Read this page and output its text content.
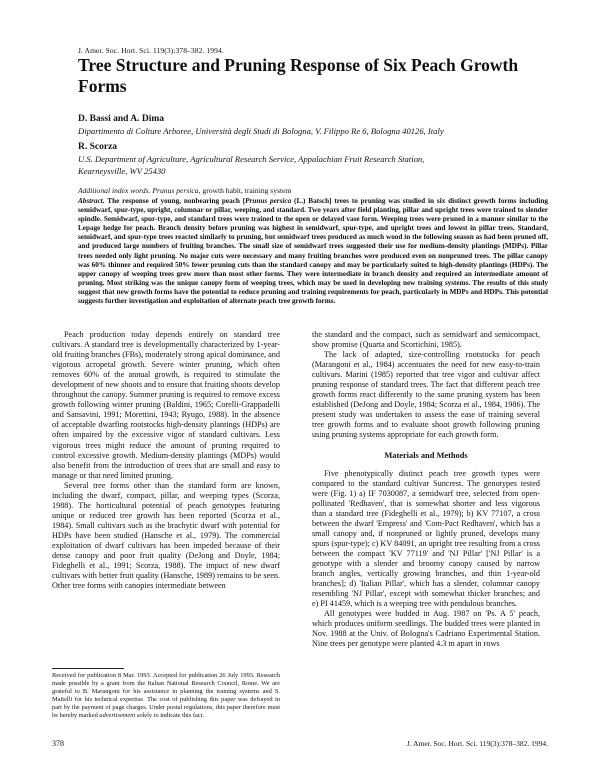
J. Amer. Soc. Hort. Sci. 119(3):378–382. 1994.
Tree Structure and Pruning Response of Six Peach Growth Forms
D. Bassi and A. Dima
Dipartimento di Colture Arboree, Università degli Studi di Bologna, V. Filippo Re 6, Bologna 40126, Italy
R. Scorza
U.S. Department of Agriculture, Agricultural Research Service, Appalachian Fruit Research Station,
Kearneysville, WV 25430
Additional index words. Prunus persica, growth habit, training system
Abstract. The response of young, nonbearing peach [Prunus persica (L.) Batsch] trees to pruning was studied in six distinct growth forms including semidwarf, spur-type, upright, columnar or pillar, weeping, and standard. Two years after field planting, pillar and upright trees were trained to slender spindle. Semidwarf, spur-type, and standard trees were trained to the open or delayed vase form. Weeping trees were pruned in a manner similar to the Lepage hedge for peach. Branch density before pruning was highest in semidwarf, spur-type, and upright trees and lowest in pillar trees. Standard, semidwarf, and spur-type trees reacted similarly to pruning, but semidwarf trees produced as much wood in the following season as had been pruned off, and produced large numbers of fruiting branches. The small size of semidwarf trees suggested their use for medium-density plantings (MDPs). Pillar trees needed only light pruning. No major cuts were necessary and many fruiting branches were produced even on nonpruned trees. The pillar canopy was 60% thinner and required 50% fewer pruning cuts than the standard canopy and may be particularly suited to high-density plantings (HDPs). The upper canopy of weeping trees grew more than most other forms. They were intermediate in branch density and required an intermediate amount of pruning. Most striking was the unique canopy form of weeping trees, which may be used in developing new training systems. The results of this study suggest that new growth forms have the potential to reduce pruning and training requirements for peach, particularly in MDPs and HDPs. This potential suggests further investigation and exploitation of alternate peach tree growth forms.

Peach production today depends entirely on standard tree cultivars. A standard tree is developmentally characterized by 1-year-old fruiting branches (FBs), moderately strong apical dominance, and vigorous acropetal growth. Severe winter pruning, which often removes 60% of the annual growth, is required to stimulate the development of new shoots and to ensure that fruiting shoots develop throughout the canopy. Summer pruning is required to remove excess growth following winter pruning (Baldini, 1965; Corelli-Grappadelli and Sansavini, 1991; Morettini, 1943; Ryugo, 1988). In the absence of acceptable dwarfing rootstocks high-density plantings (HDPs) are often impaired by the excessive vigor of standard cultivars. Less vigorous trees might reduce the amount of pruning required to control excessive growth. Medium-density plantings (MDPs) would also benefit from the introduction of trees that are small and easy to manage or that need limited pruning.

Several tree forms other than the standard form are known, including the dwarf, compact, pillar, and weeping types (Scorza, 1988). The horticultural potential of peach genotypes featuring unique or reduced tree growth has been reported (Scorza et al., 1984). Small cultivars such as the brachytic dwarf with potential for HDPs have been studied (Hansche et al., 1979). The commercial exploitation of dwarf cultivars has been impeded because of their dense canopy and poor fruit quality (DeJong and Doyle, 1984; Fideghelli et al., 1991; Scorza, 1988). The impact of new dwarf cultivars with better fruit quality (Hansche, 1989) remains to be seen. Other tree forms with canopies intermediate between

Received for publication 8 Mar. 1993. Accepted for publication 26 July 1993. Research made possible by a grant from the Italian National Research Council, Rome. We are grateful to B. Marangoni for his assistance in planning the training systems and S. Mattelli for his technical expertise. The cost of publishing this paper was defrayed in part by the payment of page charges. Under postal regulations, this paper therefore must be hereby marked advertisement solely to indicate this fact.

the standard and the compact, such as semidwarf and semicompact, show promise (Quarta and Scortichini, 1985).

The lack of adapted, size-controlling rootstocks for peach (Marangoni et al., 1984) accentuates the need for new easy-to-train cultivars. Marini (1985) reported that tree vigor and cultivar affect pruning response of standard trees. The fact that different peach tree growth forms react differently to the same pruning system has been established (DeJong and Doyle, 1984; Scorza et al., 1984, 1986). The present study was undertaken to assess the ease of training several tree growth forms and to evaluate shoot growth following pruning using pruning systems appropriate for each growth form.

Materials and Methods

Five phenotypically distinct peach tree growth types were compared to the standard cultivar Suncrest. The genotypes tested were (Fig. 1) a) IF 7030087, a semidwarf tree, selected from open-pollinated 'Redhaven', that is somewhat shorter and less vigorous than a standard tree (Fideghelli et al., 1979); b) KV 77107, a cross between the dwarf 'Empress' and 'Com-Pact Redhaven', which has a small canopy and, if nonpruned or lightly pruned, develops many spurs (spur-type); c) KV 84091, an upright tree resulting from a cross between the compact 'KV 77119' and 'NJ Pillar' ['NJ Pillar' is a genotype with a slender and broomy canopy caused by narrow branch angles, vertically growing branches, and thin 1-year-old branches]; d) 'Italian Pillar', which has a slender, columnar canopy resembling 'NJ Pillar', except with somewhat thicker branches; and e) PI 41459, which is a weeping tree with pendulous branches.

All genotypes were budded in Aug. 1987 on 'Ps. A 5' peach, which produces uniform seedlings. The budded trees were planted in Nov. 1988 at the Univ. of Bologna's Cadriano Experimental Station. Nine trees per genotype were planted 4.3 m apart in rows

378	J. Amer. Soc. Hort. Sci. 119(3):378–382. 1994.
